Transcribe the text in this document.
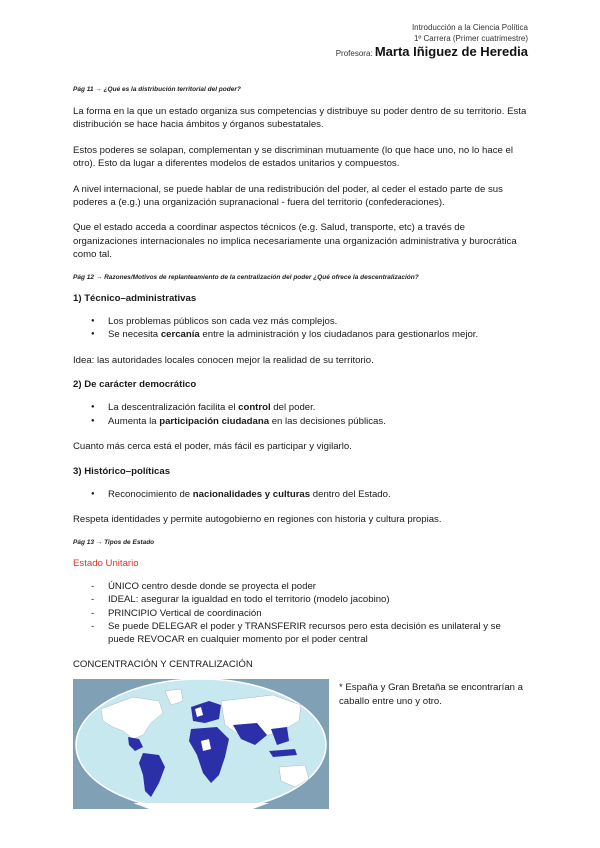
Introducción a la Ciencia Política
1º Carrera (Primer cuatrimestre)
Profesora: Marta Iñiguez de Heredia
Pág 11 → ¿Qué es la distribución territorial del poder?

La forma en la que un estado organiza sus competencias y distribuye su poder dentro de su territorio. Esta distribución se hace hacia ámbitos y órganos subestatales.

Estos poderes se solapan, complementan y se discriminan mutuamente (lo que hace uno, no lo hace el otro). Esto da lugar a diferentes modelos de estados unitarios y compuestos.

A nivel internacional, se puede hablar de una redistribución del poder, al ceder el estado parte de sus poderes a (e.g.) una organización supranacional - fuera del territorio (confederaciones).

Que el estado acceda a coordinar aspectos técnicos (e.g. Salud, transporte, etc) a través de organizaciones internacionales no implica necesariamente una organización administrativa y burocrática como tal.

Pág 12 → Razones/Motivos de replanteamiento de la centralización del poder ¿Qué ofrece la descentralización?
1) Técnico–administrativas
● Los problemas públicos son cada vez más complejos.
● Se necesita cercanía entre la administración y los ciudadanos para gestionarlos mejor.

Idea: las autoridades locales conocen mejor la realidad de su territorio.

2) De carácter democrático
● La descentralización facilita el control del poder.
● Aumenta la participación ciudadana en las decisiones públicas.

Cuanto más cerca está el poder, más fácil es participar y vigilarlo.

3) Histórico–políticas
● Reconocimiento de nacionalidades y culturas dentro del Estado.

Respeta identidades y permite autogobierno en regiones con historia y cultura propias.

Pág 13 → Tipos de Estado
Estado Unitario
- ÚNICO centro desde donde se proyecta el poder
- IDEAL: asegurar la igualdad en todo el territorio (modelo jacobino)
- PRINCIPIO Vertical de coordinación
- Se puede DELEGAR el poder y TRANSFERIR recursos pero esta decisión es unilateral y se puede REVOCAR en cualquier momento por el poder central
CONCENTRACIÓN Y CENTRALIZACIÓN
* España y Gran Bretaña se encontrarían a caballo entre uno y otro.
